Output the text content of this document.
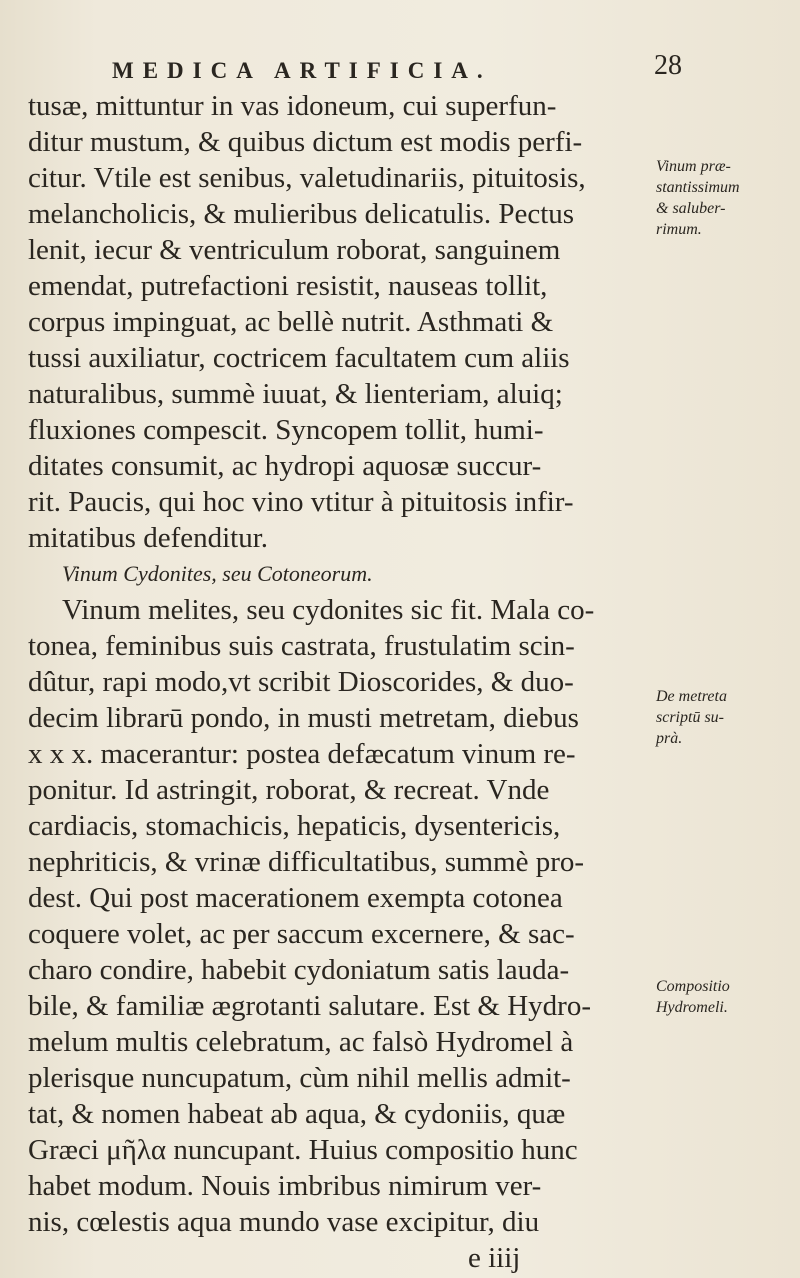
MEDICA ARTIFICIA.	28
tusæ, mittuntur in vas idoneum, cui superfun-
ditur mustum, & quibus dictum est modis perfi-
citur. Vtile est senibus, valetudinariis, pituitosis,
melancholicis, & mulieribus delicatulis. Pectus
lenit, iecur & ventriculum roborat, sanguinem
emendat, putrefactioni resistit, nauseas tollit,
corpus impinguat, ac bellè nutrit. Asthmati &
tussi auxiliatur, coctricem facultatem cum aliis
naturalibus, summè iuuat, & lienteriam, aluiq;
fluxiones compescit. Syncopem tollit, humi-
ditates consumit, ac hydropi aquosæ succur-
rit. Paucis, qui hoc vino vtitur à pituitosis infir-
mitatibus defenditur.
Vinum Cydonites, seu Cotoneorum.
Vinum melites, seu cydonites sic fit. Mala co-
tonea, feminibus suis castrata, frustulatim scin-
dûtur, rapi modo,vt scribit Dioscorides, & duo-
decim librarū pondo, in musti metretam, diebus
x x x. macerantur: postea defæcatum vinum re-
ponitur. Id astringit, roborat, & recreat. Vnde
cardiacis, stomachicis, hepaticis, dysentericis,
nephriticis, & vrinæ difficultatibus, summè pro-
dest. Qui post macerationem exempta cotonea
coquere volet, ac per saccum excernere, & sac-
charo condire, habebit cydoniatum satis lauda-
bile, & familiæ ægrotanti salutare. Est & Hydro-
melum multis celebratum, ac falsò Hydromel à
plerisque nuncupatum, cùm nihil mellis admit-
tat, & nomen habeat ab aqua, & cydoniis, quæ
Græci μῆλα nuncupant. Huius compositio hunc
habet modum. Nouis imbribus nimirum ver-
nis, cœlestis aqua mundo vase excipitur, diu
e iiij
Vinum præ-
stantissimum
& saluber-
rimum.
De metreta
scriptū su-
prà.
Compositio
Hydromeli.
